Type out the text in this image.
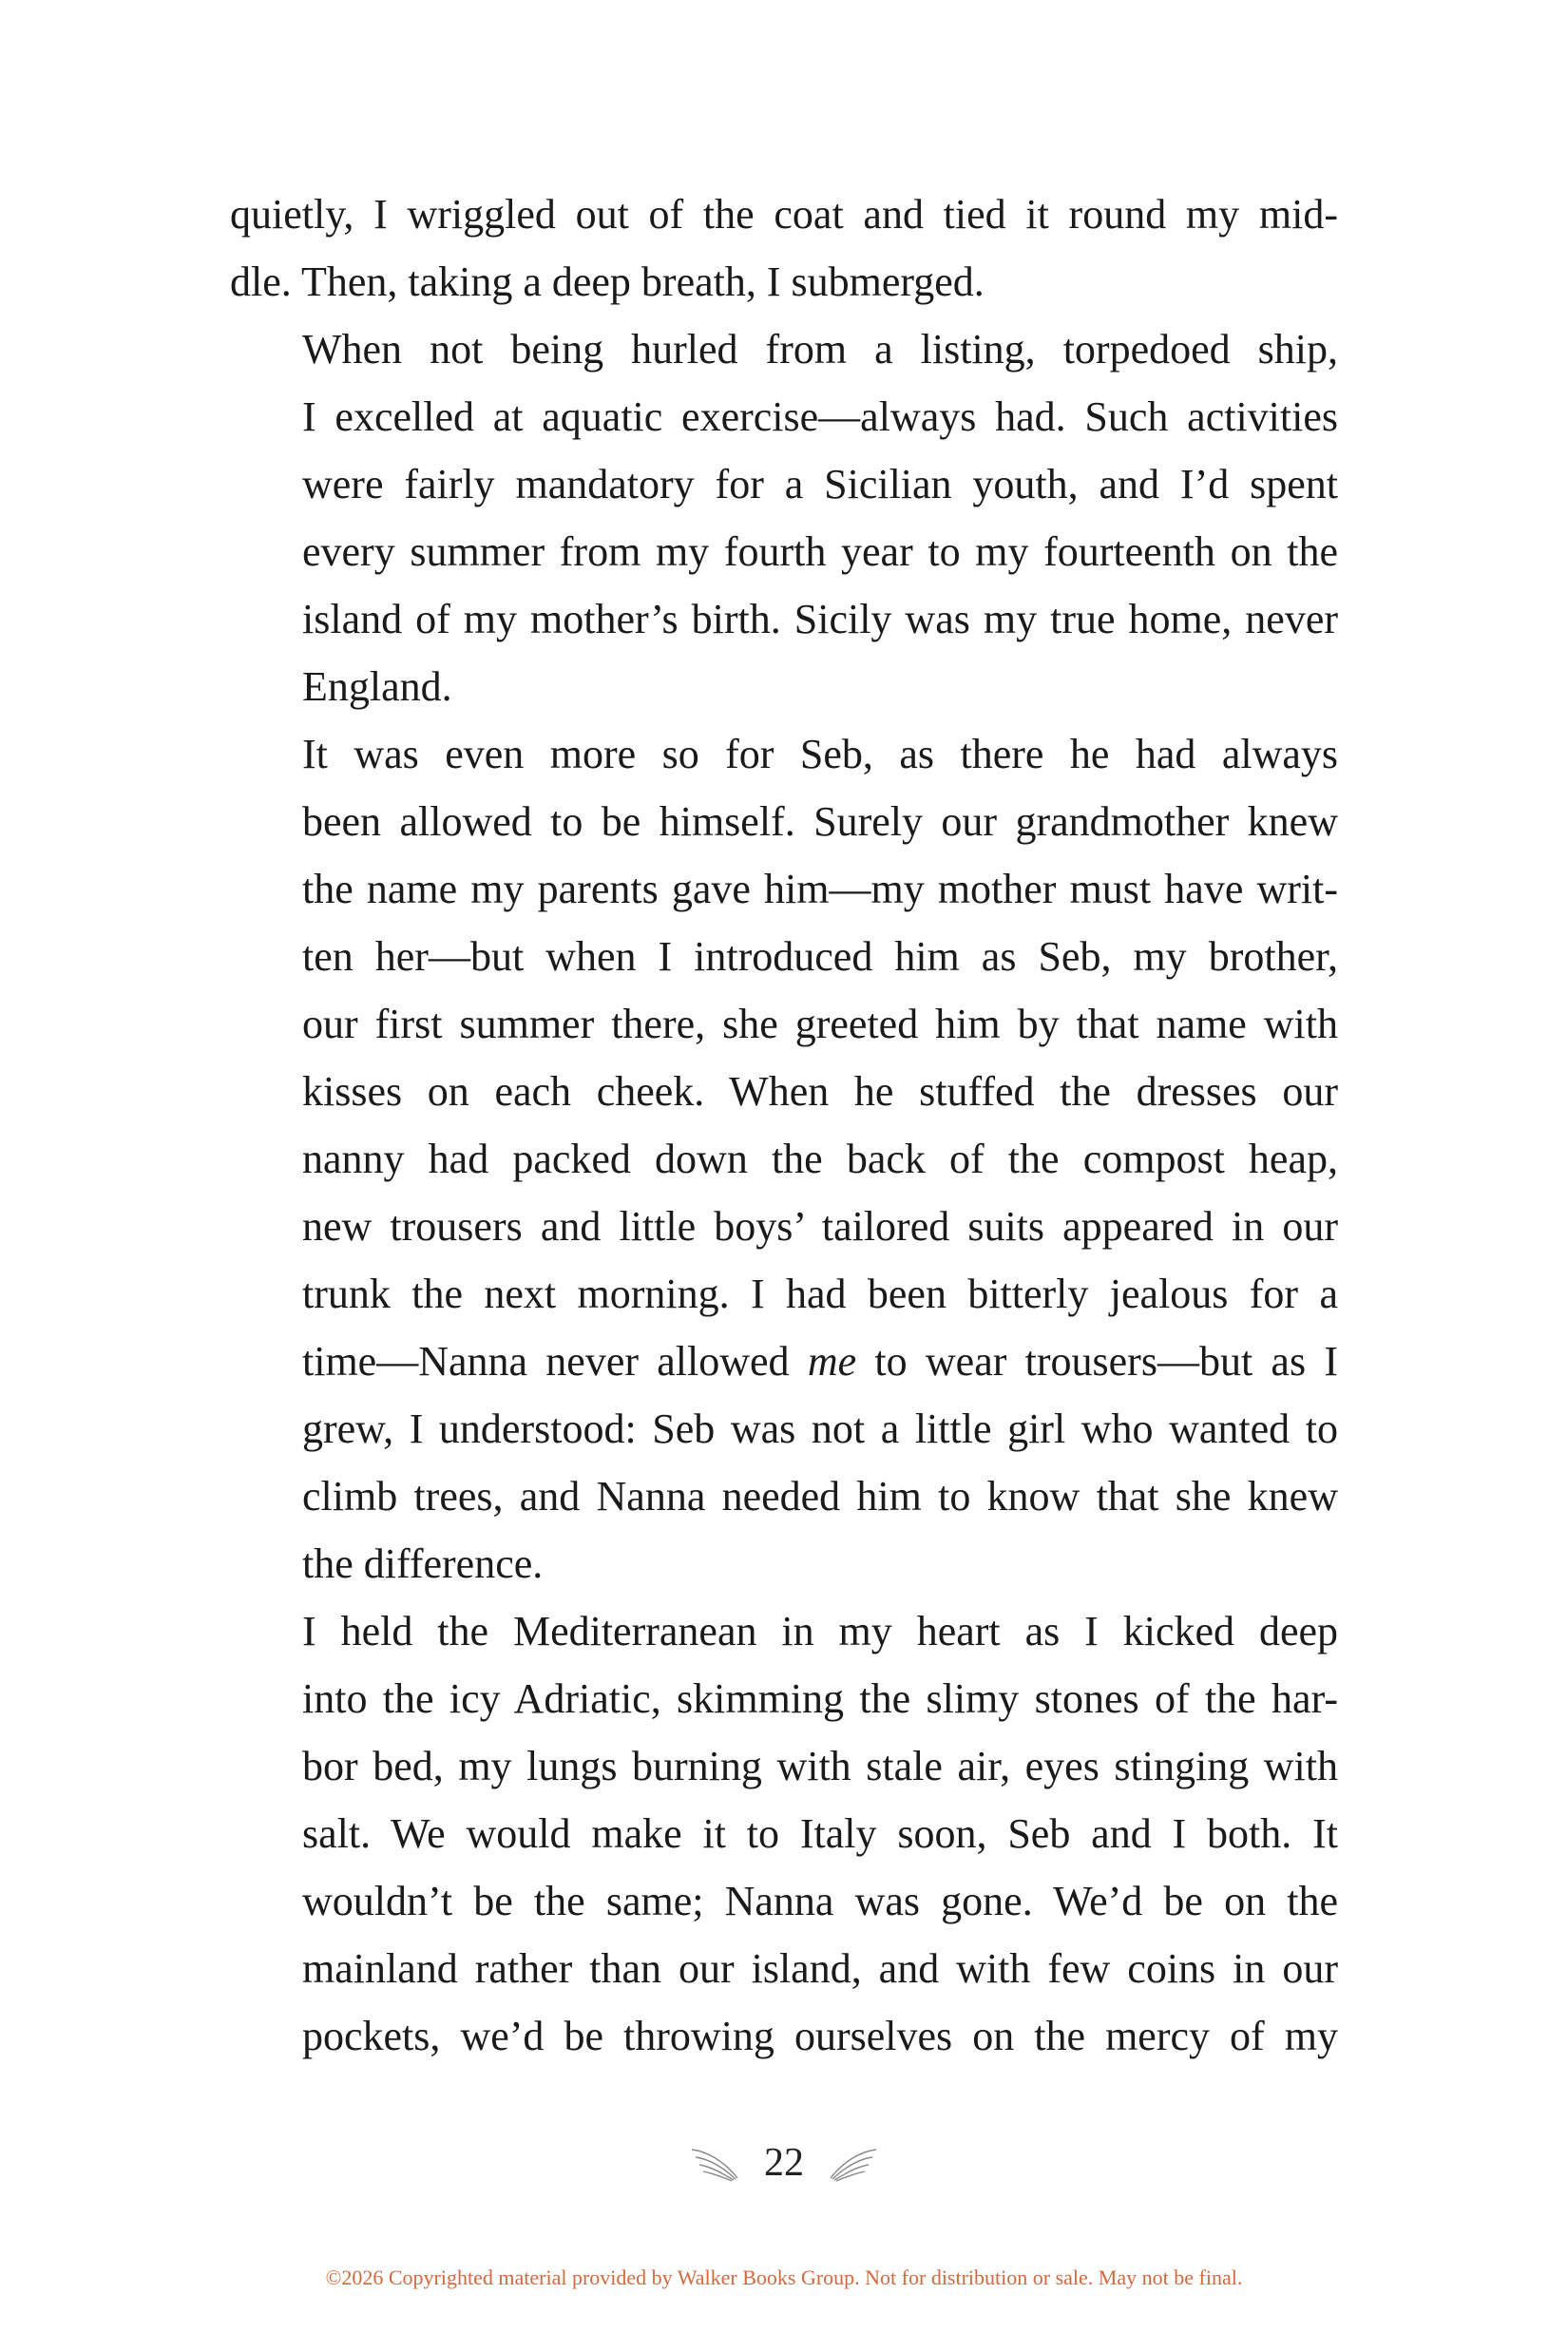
quietly, I wriggled out of the coat and tied it round my mid-
dle. Then, taking a deep breath, I submerged.

When not being hurled from a listing, torpedoed ship,
I excelled at aquatic exercise—always had. Such activities
were fairly mandatory for a Sicilian youth, and I’d spent
every summer from my fourth year to my fourteenth on the
island of my mother’s birth. Sicily was my true home, never
England.

It was even more so for Seb, as there he had always
been allowed to be himself. Surely our grandmother knew
the name my parents gave him—my mother must have writ-
ten her—but when I introduced him as Seb, my brother,
our first summer there, she greeted him by that name with
kisses on each cheek. When he stuffed the dresses our
nanny had packed down the back of the compost heap,
new trousers and little boys’ tailored suits appeared in our
trunk the next morning. I had been bitterly jealous for a
time—Nanna never allowed me to wear trousers—but as I
grew, I understood: Seb was not a little girl who wanted to
climb trees, and Nanna needed him to know that she knew
the difference.

I held the Mediterranean in my heart as I kicked deep
into the icy Adriatic, skimming the slimy stones of the har-
bor bed, my lungs burning with stale air, eyes stinging with
salt. We would make it to Italy soon, Seb and I both. It
wouldn’t be the same; Nanna was gone. We’d be on the
mainland rather than our island, and with few coins in our
pockets, we’d be throwing ourselves on the mercy of my

22
©2026 Copyrighted material provided by Walker Books Group. Not for distribution or sale. May not be final.
